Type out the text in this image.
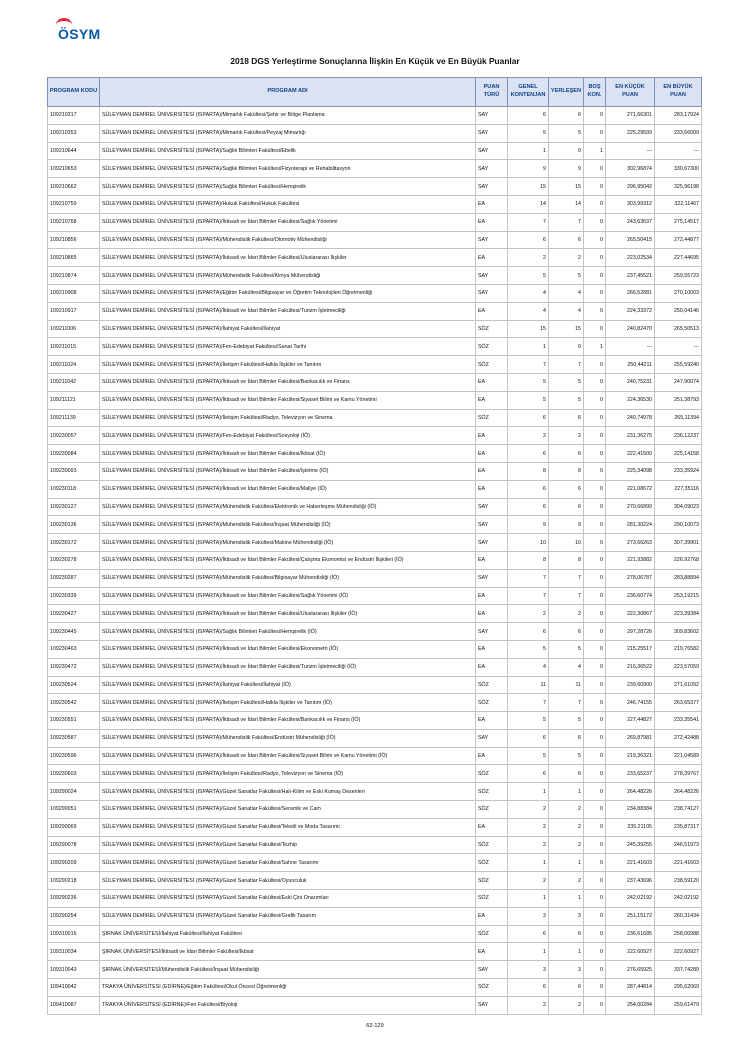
ÖSYM
2018 DGS Yerleştirme Sonuçlarına İlişkin En Küçük ve En Büyük Puanlar
PROGRAM KODU	PROGRAM ADI	PUAN TÜRÜ	GENEL KONTENJAN	YERLEŞEN	BOŞ KON.	EN KÜÇÜK PUAN	EN BÜYÜK PUAN
109210317	SÜLEYMAN DEMİREL ÜNİVERSİTESİ (ISPARTA)/Mimarlık Fakültesi/Şehir ve Bölge Planlama	SAY	6	6	0	271,66301	283,17924
109210353	SÜLEYMAN DEMİREL ÜNİVERSİTESİ (ISPARTA)/Mimarlık Fakültesi/Peyzaj Mimarlığı	SAY	5	5	0	225,29599	233,66009
109210644	SÜLEYMAN DEMİREL ÜNİVERSİTESİ (ISPARTA)/Sağlık Bilimleri Fakültesi/Ebelik	SAY	1	0	1	---	---
109210653	SÜLEYMAN DEMİREL ÜNİVERSİTESİ (ISPARTA)/Sağlık Bilimleri Fakültesi/Fizyoterapi ve Rehabilitasyon	SAY	9	9	0	302,96874	330,67300
109210662	SÜLEYMAN DEMİREL ÜNİVERSİTESİ (ISPARTA)/Sağlık Bilimleri Fakültesi/Hemşirelik	SAY	15	15	0	296,95042	325,96198
109210759	SÜLEYMAN DEMİREL ÜNİVERSİTESİ (ISPARTA)/Hukuk Fakültesi/Hukuk Fakültesi	EA	14	14	0	303,99312	322,11467
109210768	SÜLEYMAN DEMİREL ÜNİVERSİTESİ (ISPARTA)/İktisadi ve İdari Bilimler Fakültesi/Sağlık Yönetimi	EA	7	7	0	243,63637	275,14517
109210856	SÜLEYMAN DEMİREL ÜNİVERSİTESİ (ISPARTA)/Mühendislik Fakültesi/Otomotiv Mühendisliği	SAY	6	6	0	265,50415	272,44877
109210865	SÜLEYMAN DEMİREL ÜNİVERSİTESİ (ISPARTA)/İktisadi ve İdari Bilimler Fakültesi/Uluslararası İlişkiler	EA	2	2	0	223,02534	227,44695
109210874	SÜLEYMAN DEMİREL ÜNİVERSİTESİ (ISPARTA)/Mühendislik Fakültesi/Kimya Mühendisliği	SAY	5	5	0	237,45521	259,55723
109210908	SÜLEYMAN DEMİREL ÜNİVERSİTESİ (ISPARTA)/Eğitim Fakültesi/Bilgisayar ve Öğretim Teknolojileri Öğretmenliği	SAY	4	4	0	266,52881	270,10003
109210917	SÜLEYMAN DEMİREL ÜNİVERSİTESİ (ISPARTA)/İktisadi ve İdari Bilimler Fakültesi/Turizm İşletmeciliği	EA	4	4	0	224,33372	250,04146
109211006	SÜLEYMAN DEMİREL ÜNİVERSİTESİ (ISPARTA)/İlahiyat Fakültesi/İlahiyat	SÖZ	15	15	0	240,82470	265,50513
109211015	SÜLEYMAN DEMİREL ÜNİVERSİTESİ (ISPARTA)/Fen-Edebiyat Fakültesi/Sanat Tarihi	SÖZ	1	0	1	---	---
109211024	SÜLEYMAN DEMİREL ÜNİVERSİTESİ (ISPARTA)/İletişim Fakültesi/Halkla İlişkiler ve Tanıtım	SÖZ	7	7	0	250,44211	255,59240
109211042	SÜLEYMAN DEMİREL ÜNİVERSİTESİ (ISPARTA)/İktisadi ve İdari Bilimler Fakültesi/Bankacılık ve Finans	EA	5	5	0	240,75231	247,90074
109211121	SÜLEYMAN DEMİREL ÜNİVERSİTESİ (ISPARTA)/İktisadi ve İdari Bilimler Fakültesi/Siyaset Bilimi ve Kamu Yönetimi	EA	5	5	0	224,36530	251,38793
109211139	SÜLEYMAN DEMİREL ÜNİVERSİTESİ (ISPARTA)/İletişim Fakültesi/Radyo, Televizyon ve Sinema	SÖZ	6	6	0	240,74978	265,11394
109230057	SÜLEYMAN DEMİREL ÜNİVERSİTESİ (ISPARTA)/Fen-Edebiyat Fakültesi/Sosyoloji (İÖ)	EA	2	2	0	231,36275	236,12237
109230084	SÜLEYMAN DEMİREL ÜNİVERSİTESİ (ISPARTA)/İktisadi ve İdari Bilimler Fakültesi/İktisat (İÖ)	EA	6	6	0	222,41500	225,14158
109230093	SÜLEYMAN DEMİREL ÜNİVERSİTESİ (ISPARTA)/İktisadi ve İdari Bilimler Fakültesi/İşletme (İÖ)	EA	8	8	0	225,34098	233,35924
109230118	SÜLEYMAN DEMİREL ÜNİVERSİTESİ (ISPARTA)/İktisadi ve İdari Bilimler Fakültesi/Maliye (İÖ)	EA	6	6	0	221,08672	227,35116
109230127	SÜLEYMAN DEMİREL ÜNİVERSİTESİ (ISPARTA)/Mühendislik Fakültesi/Elektronik ve Haberleşme Mühendisliği (İÖ)	SAY	6	6	0	270,66899	304,09023
109230136	SÜLEYMAN DEMİREL ÜNİVERSİTESİ (ISPARTA)/Mühendislik Fakültesi/İnşaat Mühendisliği (İÖ)	SAY	9	9	0	281,30224	290,10073
109230172	SÜLEYMAN DEMİREL ÜNİVERSİTESİ (ISPARTA)/Mühendislik Fakültesi/Makine Mühendisliği (İÖ)	SAY	10	10	0	273,66263	307,39901
109230278	SÜLEYMAN DEMİREL ÜNİVERSİTESİ (ISPARTA)/İktisadi ve İdari Bilimler Fakültesi/Çalışma Ekonomisi ve Endüstri İlişkileri (İÖ)	EA	8	8	0	221,93882	226,92768
109230287	SÜLEYMAN DEMİREL ÜNİVERSİTESİ (ISPARTA)/Mühendislik Fakültesi/Bilgisayar Mühendisliği (İÖ)	SAY	7	7	0	278,06787	283,88894
109230339	SÜLEYMAN DEMİREL ÜNİVERSİTESİ (ISPARTA)/İktisadi ve İdari Bilimler Fakültesi/Sağlık Yönetimi (İÖ)	EA	7	7	0	236,60774	253,19215
109230427	SÜLEYMAN DEMİREL ÜNİVERSİTESİ (ISPARTA)/İktisadi ve İdari Bilimler Fakültesi/Uluslararası İlişkiler (İÖ)	EA	2	2	0	222,30867	223,39384
109230445	SÜLEYMAN DEMİREL ÜNİVERSİTESİ (ISPARTA)/Sağlık Bilimleri Fakültesi/Hemşirelik (İÖ)	SAY	6	6	0	297,28726	309,83602
109230463	SÜLEYMAN DEMİREL ÜNİVERSİTESİ (ISPARTA)/İktisadi ve İdari Bilimler Fakültesi/Ekonometri (İÖ)	EA	5	5	0	215,25517	219,76582
109230472	SÜLEYMAN DEMİREL ÜNİVERSİTESİ (ISPARTA)/İktisadi ve İdari Bilimler Fakültesi/Turizm İşletmeciliği (İÖ)	EA	4	4	0	216,36522	223,57059
109230524	SÜLEYMAN DEMİREL ÜNİVERSİTESİ (ISPARTA)/İlahiyat Fakültesi/İlahiyat (İÖ)	SÖZ	11	11	0	239,60900	271,61092
109230542	SÜLEYMAN DEMİREL ÜNİVERSİTESİ (ISPARTA)/İletişim Fakültesi/Halkla İlişkiler ve Tanıtım (İÖ)	SÖZ	7	7	0	246,74155	263,65377
109230551	SÜLEYMAN DEMİREL ÜNİVERSİTESİ (ISPARTA)/İktisadi ve İdari Bilimler Fakültesi/Bankacılık ve Finans (İÖ)	EA	5	5	0	227,44827	233,35541
109230587	SÜLEYMAN DEMİREL ÜNİVERSİTESİ (ISPARTA)/Mühendislik Fakültesi/Endüstri Mühendisliği (İÖ)	SAY	6	6	0	269,87981	272,42488
109230596	SÜLEYMAN DEMİREL ÜNİVERSİTESİ (ISPARTA)/İktisadi ve İdari Bilimler Fakültesi/Siyaset Bilimi ve Kamu Yönetimi (İÖ)	EA	5	5	0	219,36321	221,04589
109230603	SÜLEYMAN DEMİREL ÜNİVERSİTESİ (ISPARTA)/İletişim Fakültesi/Radyo, Televizyon ve Sinema (İÖ)	SÖZ	6	6	0	233,65237	278,39767
109290024	SÜLEYMAN DEMİREL ÜNİVERSİTESİ (ISPARTA)/Güzel Sanatlar Fakültesi/Halı-Kilim ve Eski Kumaş Desenleri	SÖZ	1	1	0	264,48226	264,48226
109290051	SÜLEYMAN DEMİREL ÜNİVERSİTESİ (ISPARTA)/Güzel Sanatlar Fakültesi/Seramik ve Cam	SÖZ	2	2	0	234,88384	238,74127
109290069	SÜLEYMAN DEMİREL ÜNİVERSİTESİ (ISPARTA)/Güzel Sanatlar Fakültesi/Tekstil ve Moda Tasarımı	EA	2	2	0	235,21105	235,87317
109290078	SÜLEYMAN DEMİREL ÜNİVERSİTESİ (ISPARTA)/Güzel Sanatlar Fakültesi/Tezhip	SÖZ	2	2	0	245,39255	246,51973
109290209	SÜLEYMAN DEMİREL ÜNİVERSİTESİ (ISPARTA)/Güzel Sanatlar Fakültesi/Sahne Tasarımı	SÖZ	1	1	0	221,41603	221,41603
109290218	SÜLEYMAN DEMİREL ÜNİVERSİTESİ (ISPARTA)/Güzel Sanatlar Fakültesi/Oyunculuk	SÖZ	2	2	0	237,43696	238,59120
109290236	SÜLEYMAN DEMİREL ÜNİVERSİTESİ (ISPARTA)/Güzel Sanatlar Fakültesi/Eski Çini Onarımları	SÖZ	1	1	0	242,02192	242,02192
109290254	SÜLEYMAN DEMİREL ÜNİVERSİTESİ (ISPARTA)/Güzel Sanatlar Fakültesi/Grafik Tasarım	EA	3	3	0	251,15172	260,31434
109310016	ŞIRNAK ÜNİVERSİTESİ/İlahiyat Fakültesi/İlahiyat Fakültesi	SÖZ	6	6	0	236,61685	258,00988
109310034	ŞIRNAK ÜNİVERSİTESİ/İktisadi ve İdari Bilimler Fakültesi/İktisat	EA	1	1	0	222,60927	222,60927
109310043	ŞIRNAK ÜNİVERSİTESİ/Mühendislik Fakültesi/İnşaat Mühendisliği	SAY	3	3	0	276,65925	337,74289
109410042	TRAKYA ÜNİVERSİTESİ (EDİRNE)/Eğitim Fakültesi/Okul Öncesi Öğretmenliği	SÖZ	6	6	0	287,44814	295,62069
109410087	TRAKYA ÜNİVERSİTESİ (EDİRNE)/Fen Fakültesi/Biyoloji	SAY	2	2	0	254,00284	259,61479
62-129
